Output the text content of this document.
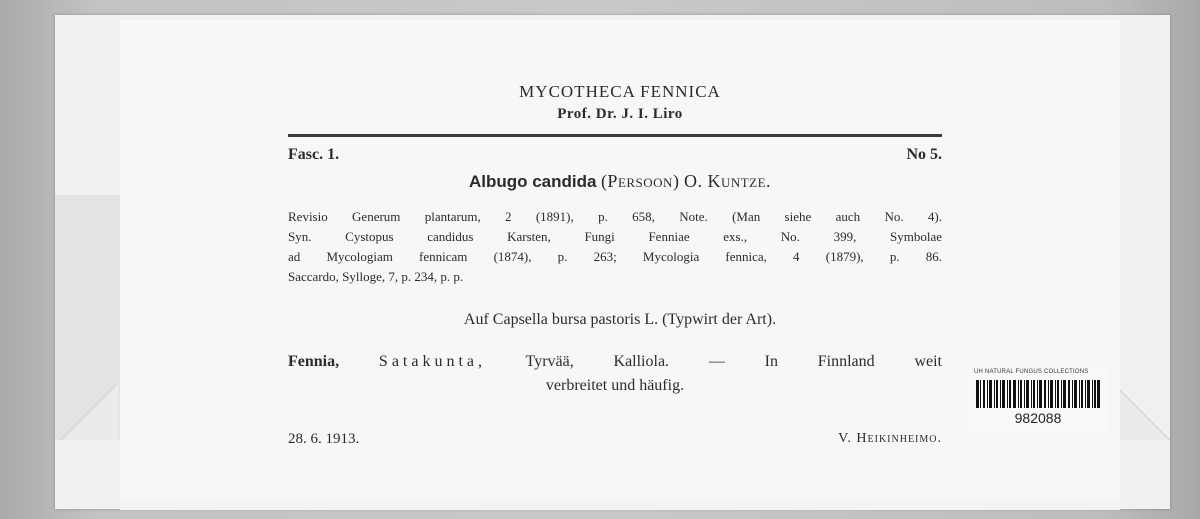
MYCOTHECA FENNICA
Prof. Dr. J. I. Liro
Fasc. 1.	No 5.
Albugo candida (Persoon) O. Kuntze.
Revisio Generum plantarum, 2 (1891), p. 658, Note. (Man siehe auch No. 4).
Syn. Cystopus candidus Karsten, Fungi Fenniae exs., No. 399, Symbolae
ad Mycologiam fennicam (1874), p. 263; Mycologia fennica, 4 (1879), p. 86.
Saccardo, Sylloge, 7, p. 234, p. p.
Auf Capsella bursa pastoris L. (Typwirt der Art).
Fennia, Satakunta, Tyrvää, Kalliola. — In Finnland weit
verbreitet und häufig.
28. 6. 1913.	V. Heikinheimo.
UH NATURAL FUNGUS COLLECTIONS
982088
